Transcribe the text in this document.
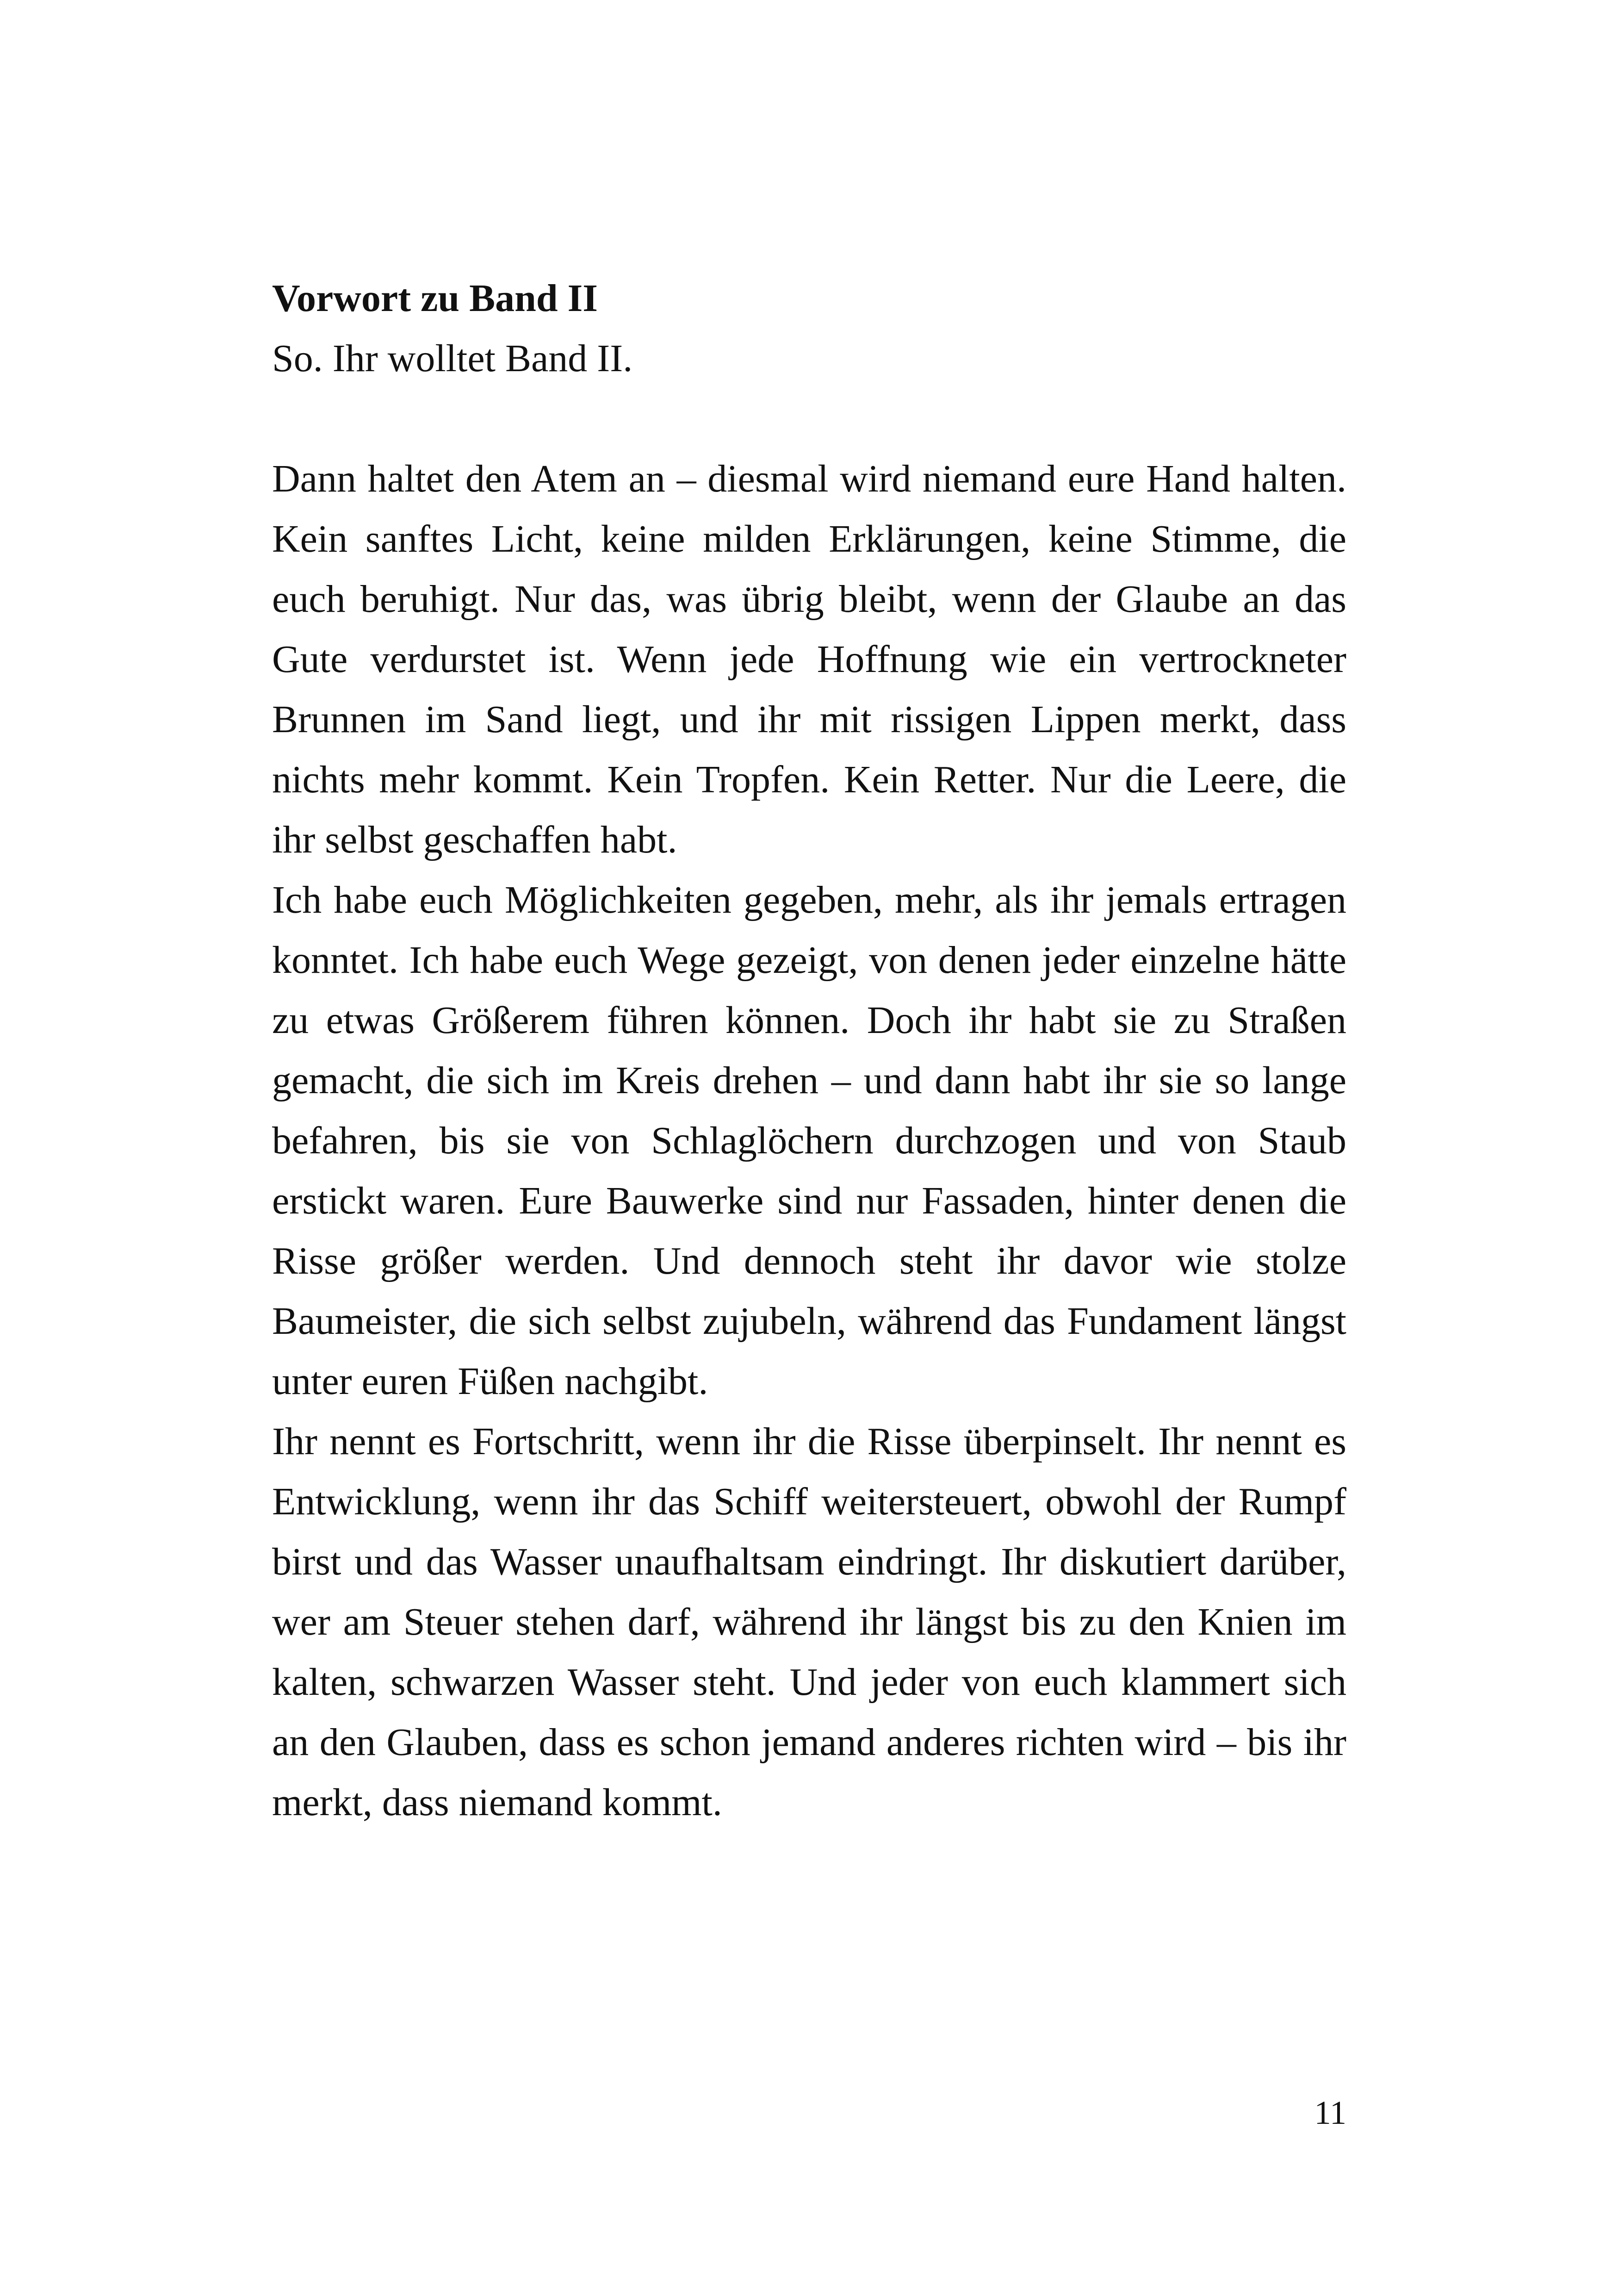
Vorwort zu Band II

So. Ihr wolltet Band II.

Dann haltet den Atem an – diesmal wird niemand eure Hand halten. Kein sanftes Licht, keine milden Erklärungen, keine Stimme, die euch beruhigt. Nur das, was übrig bleibt, wenn der Glaube an das Gute verdurstet ist. Wenn jede Hoffnung wie ein vertrockneter Brunnen im Sand liegt, und ihr mit rissigen Lippen merkt, dass nichts mehr kommt. Kein Tropfen. Kein Retter. Nur die Leere, die ihr selbst geschaffen habt.

Ich habe euch Möglichkeiten gegeben, mehr, als ihr jemals ertragen konntet. Ich habe euch Wege gezeigt, von denen jeder einzelne hätte zu etwas Größerem führen können. Doch ihr habt sie zu Straßen gemacht, die sich im Kreis drehen – und dann habt ihr sie so lange befahren, bis sie von Schlaglöchern durchzogen und von Staub erstickt waren. Eure Bauwerke sind nur Fassaden, hinter denen die Risse größer werden. Und dennoch steht ihr davor wie stolze Baumeister, die sich selbst zujubeln, während das Fundament längst unter euren Füßen nachgibt.

Ihr nennt es Fortschritt, wenn ihr die Risse überpinselt. Ihr nennt es Entwicklung, wenn ihr das Schiff weitersteuert, obwohl der Rumpf birst und das Wasser unaufhaltsam eindringt. Ihr diskutiert darüber, wer am Steuer stehen darf, während ihr längst bis zu den Knien im kalten, schwarzen Wasser steht. Und jeder von euch klammert sich an den Glauben, dass es schon jemand anderes richten wird – bis ihr merkt, dass niemand kommt.

11
